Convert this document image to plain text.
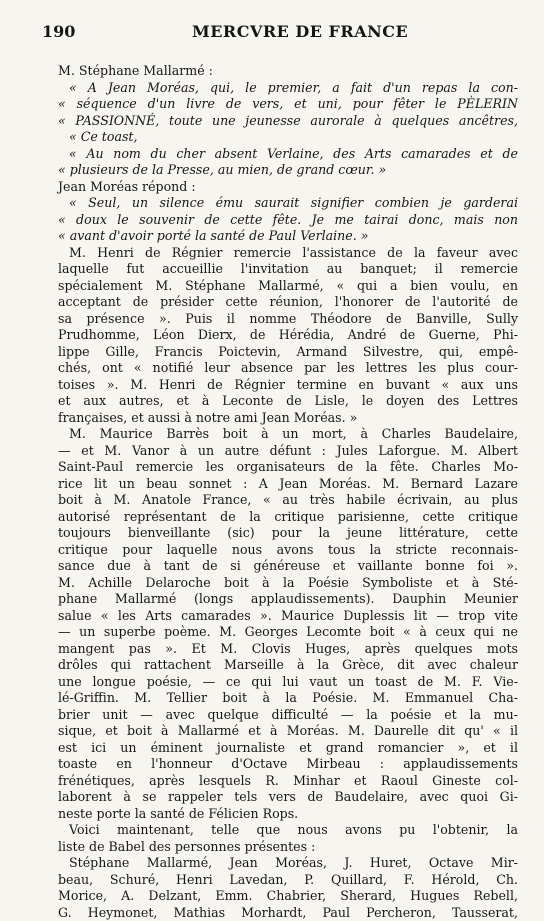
190	MERCVRE DE FRANCE
M. Stéphane Mallarmé :
« A Jean Moréas, qui, le premier, a fait d'un repas la con-
« séquence d'un livre de vers, et uni, pour fêter le PÈLERIN
« PASSIONNÉ, toute une jeunesse aurorale à quelques ancêtres,
« Ce toast,
« Au nom du cher absent Verlaine, des Arts camarades et de
« plusieurs de la Presse, au mien, de grand cœur. »
Jean Moréas répond :
« Seul, un silence ému saurait signifier combien je garderai
« doux le souvenir de cette fête. Je me tairai donc, mais non
« avant d'avoir porté la santé de Paul Verlaine. »
M. Henri de Régnier remercie l'assistance de la faveur avec
laquelle fut accueillie l'invitation au banquet; il remercie
spécialement M. Stéphane Mallarmé, « qui a bien voulu, en
acceptant de présider cette réunion, l'honorer de l'autorité de
sa présence ». Puis il nomme Théodore de Banville, Sully
Prudhomme, Léon Dierx, de Hérédia, André de Guerne, Phi-
lippe Gille, Francis Poictevin, Armand Silvestre, qui, empê-
chés, ont « notifié leur absence par les lettres les plus cour-
toises ». M. Henri de Régnier termine en buvant « aux uns
et aux autres, et à Leconte de Lisle, le doyen des Lettres
françaises, et aussi à notre ami Jean Moréas. »
M. Maurice Barrès boit à un mort, à Charles Baudelaire,
— et M. Vanor à un autre défunt : Jules Laforgue. M. Albert
Saint-Paul remercie les organisateurs de la fête. Charles Mo-
rice lit un beau sonnet : A Jean Moréas. M. Bernard Lazare
boit à M. Anatole France, « au très habile écrivain, au plus
autorisé représentant de la critique parisienne, cette critique
toujours bienveillante (sic) pour la jeune littérature, cette
critique pour laquelle nous avons tous la stricte reconnais-
sance due à tant de si généreuse et vaillante bonne foi ».
M. Achille Delaroche boit à la Poésie Symboliste et à Sté-
phane Mallarmé (longs applaudissements). Dauphin Meunier
salue « les Arts camarades ». Maurice Duplessis lit — trop vite
— un superbe poème. M. Georges Lecomte boit « à ceux qui ne
mangent pas ». Et M. Clovis Huges, après quelques mots
drôles qui rattachent Marseille à la Grèce, dit avec chaleur
une longue poésie, — ce qui lui vaut un toast de M. F. Vie-
lé-Griffin. M. Tellier boit à la Poésie. M. Emmanuel Cha-
brier unit — avec quelque difficulté — la poésie et la mu-
sique, et boit à Mallarmé et à Moréas. M. Daurelle dit qu' « il
est ici un éminent journaliste et grand romancier », et il
toaste en l'honneur d'Octave Mirbeau : applaudissements
frénétiques, après lesquels R. Minhar et Raoul Gineste col-
laborent à se rappeler tels vers de Baudelaire, avec quoi Gi-
neste porte la santé de Félicien Rops.
Voici maintenant, telle que nous avons pu l'obtenir, la
liste de Babel des personnes présentes :
Stéphane Mallarmé, Jean Moréas, J. Huret, Octave Mir-
beau, Schuré, Henri Lavedan, P. Quillard, F. Hérold, Ch.
Morice, A. Delzant, Emm. Chabrier, Sherard, Hugues Rebell,
G. Heymonet, Mathias Morhardt, Paul Percheron, Tausserat,
